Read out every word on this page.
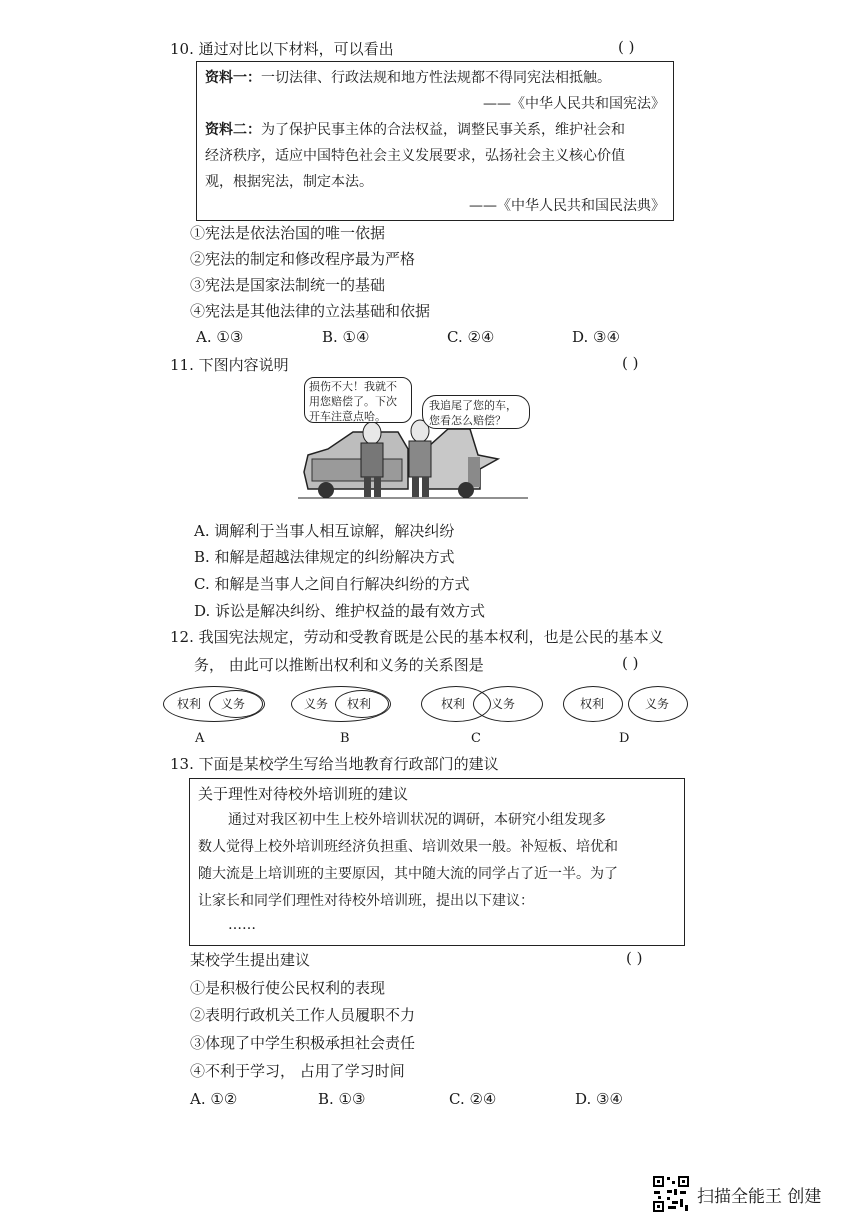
10. 通过对比以下材料，可以看出	( )
资料一：一切法律、行政法规和地方性法规都不得同宪法相抵触。
——《中华人民共和国宪法》
资料二：为了保护民事主体的合法权益，调整民事关系，维护社会和
经济秩序，适应中国特色社会主义发展要求，弘扬社会主义核心价值
观，根据宪法，制定本法。
——《中华人民共和国民法典》
①宪法是依法治国的唯一依据
②宪法的制定和修改程序最为严格
③宪法是国家法制统一的基础
④宪法是其他法律的立法基础和依据
A. ①③	B. ①④	C. ②④	D. ③④
11. 下图内容说明	( )
损伤不大！我就不
用您赔偿了。下次
开车注意点哈。
我追尾了您的车，
您看怎么赔偿？
A. 调解利于当事人相互谅解，解决纠纷
B. 和解是超越法律规定的纠纷解决方式
C. 和解是当事人之间自行解决纠纷的方式
D. 诉讼是解决纠纷、维护权益的最有效方式
12. 我国宪法规定，劳动和受教育既是公民的基本权利，也是公民的基本义
务， 由此可以推断出权利和义务的关系图是	( )
权利 义务
A
义务 权利
B
权利 义务
C
权利	义务
D
13. 下面是某校学生写给当地教育行政部门的建议
关于理性对待校外培训班的建议
通过对我区初中生上校外培训状况的调研，本研究小组发现多
数人觉得上校外培训班经济负担重、培训效果一般。补短板、培优和
随大流是上培训班的主要原因，其中随大流的同学占了近一半。为了
让家长和同学们理性对待校外培训班，提出以下建议：
……
某校学生提出建议	( )
①是积极行使公民权利的表现
②表明行政机关工作人员履职不力
③体现了中学生积极承担社会责任
④不利于学习， 占用了学习时间
A. ①②	B. ①③	C. ②④	D. ③④
扫描全能王 创建
